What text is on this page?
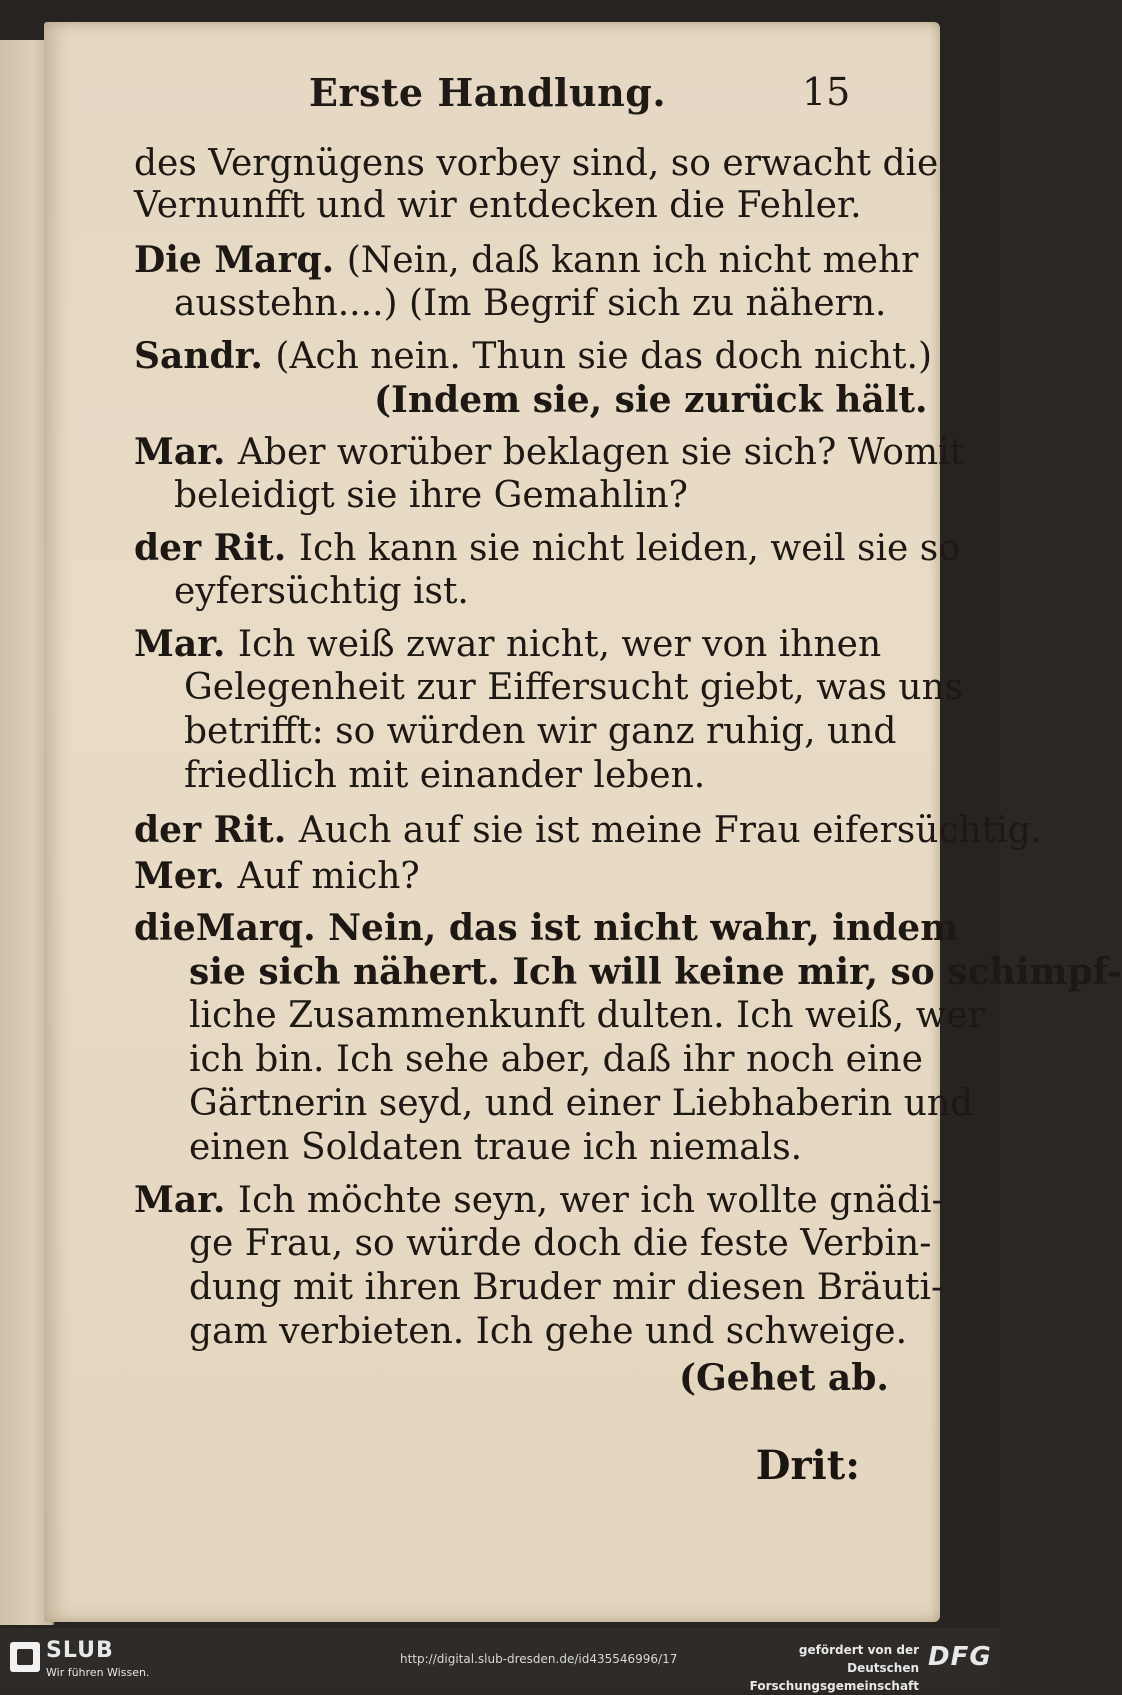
Erste Handlung.	15
des Vergnügens vorbey sind, so erwacht die
Vernunfft und wir entdecken die Fehler.
Die Marq. (Nein, daß kann ich nicht mehr
ausstehn....) (Im Begrif sich zu nähern.
Sandr. (Ach nein. Thun sie das doch nicht.)
(Indem sie, sie zurück hält.
Mar. Aber worüber beklagen sie sich? Womit
beleidigt sie ihre Gemahlin?
der Rit. Ich kann sie nicht leiden, weil sie so
eyfersüchtig ist.
Mar. Ich weiß zwar nicht, wer von ihnen
Gelegenheit zur Eiffersucht giebt, was uns
betrifft: so würden wir ganz ruhig, und
friedlich mit einander leben.
der Rit. Auch auf sie ist meine Frau eifersüchtig.
Mer. Auf mich?
dieMarq. Nein, das ist nicht wahr, indem
sie sich nähert. Ich will keine mir, so schimpf-
liche Zusammenkunft dulten. Ich weiß, wer
ich bin. Ich sehe aber, daß ihr noch eine
Gärtnerin seyd, und einer Liebhaberin und
einen Soldaten traue ich niemals.
Mar. Ich möchte seyn, wer ich wollte gnädi-
ge Frau, so würde doch die feste Verbin-
dung mit ihren Bruder mir diesen Bräuti-
gam verbieten. Ich gehe und schweige.
(Gehet ab.
Drit:
SLUB
Wir führen Wissen.
http://digital.slub-dresden.de/id435546996/17
gefördert von der
Deutschen Forschungsgemeinschaft
DFG
